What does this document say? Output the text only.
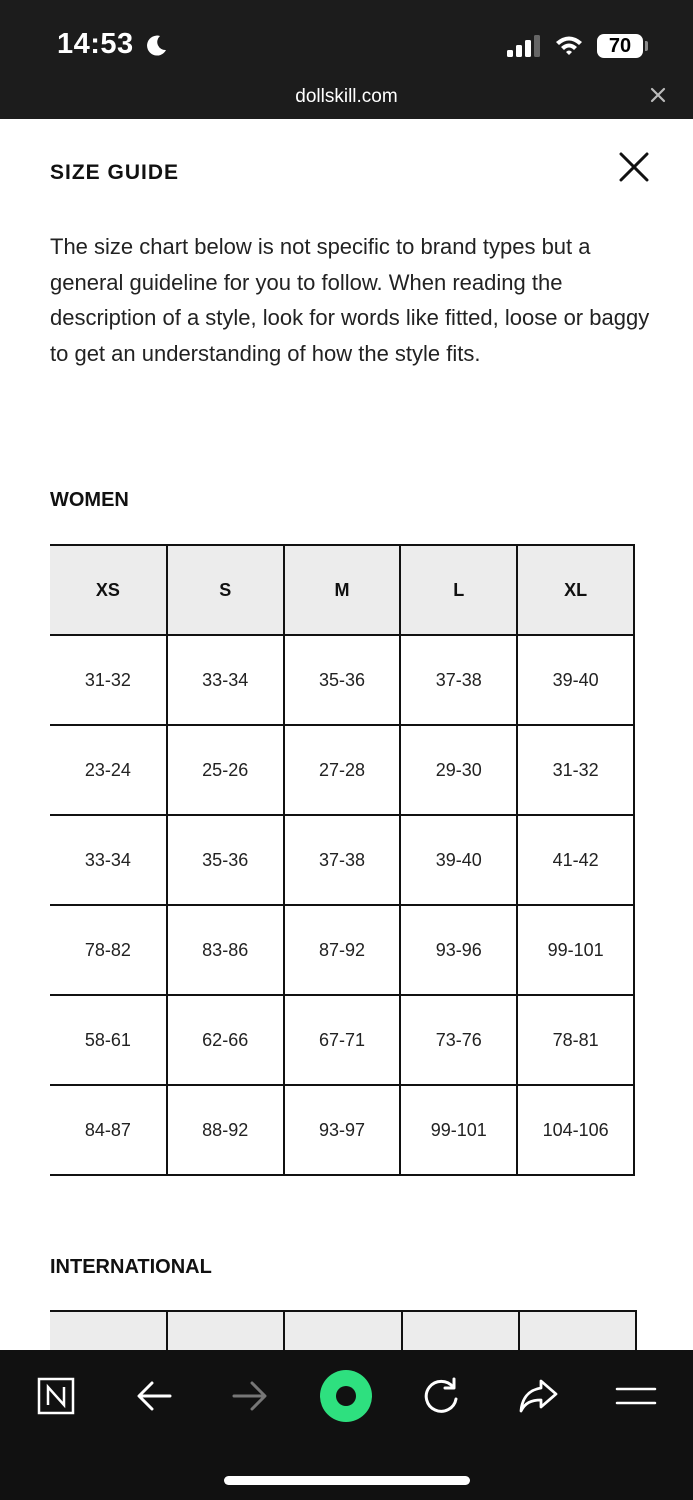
14:53	70
dollskill.com
SIZE GUIDE

The size chart below is not specific to brand types but a general guideline for you to follow. When reading the description of a style, look for words like fitted, loose or baggy to get an understanding of how the style fits.

WOMEN
XS	S	M	L	XL
31-32	33-34	35-36	37-38	39-40
23-24	25-26	27-28	29-30	31-32
33-34	35-36	37-38	39-40	41-42
78-82	83-86	87-92	93-96	99-101
58-61	62-66	67-71	73-76	78-81
84-87	88-92	93-97	99-101	104-106
INTERNATIONAL
